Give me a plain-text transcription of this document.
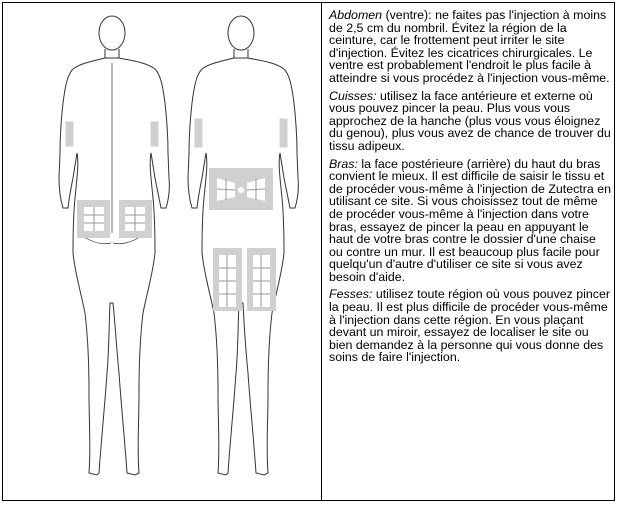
Abdomen (ventre): ne faites pas l'injection à moins de 2,5 cm du nombril. Évitez la région de la ceinture, car le frottement peut irriter le site d'injection. Évitez les cicatrices chirurgicales. Le ventre est probablement l'endroit le plus facile à atteindre si vous procédez à l'injection vous-même.

Cuisses: utilisez la face antérieure et externe où vous pouvez pincer la peau. Plus vous vous approchez de la hanche (plus vous vous éloignez du genou), plus vous avez de chance de trouver du tissu adipeux.

Bras: la face postérieure (arrière) du haut du bras convient le mieux. Il est difficile de saisir le tissu et de procéder vous-même à l'injection de Zutectra en utilisant ce site. Si vous choisissez tout de même de procéder vous-même à l'injection dans votre bras, essayez de pincer la peau en appuyant le haut de votre bras contre le dossier d'une chaise ou contre un mur. Il est beaucoup plus facile pour quelqu'un d'autre d'utiliser ce site si vous avez besoin d'aide.

Fesses: utilisez toute région où vous pouvez pincer la peau. Il est plus difficile de procéder vous-même à l'injection dans cette région. En vous plaçant devant un miroir, essayez de localiser le site ou bien demandez à la personne qui vous donne des soins de faire l'injection.
